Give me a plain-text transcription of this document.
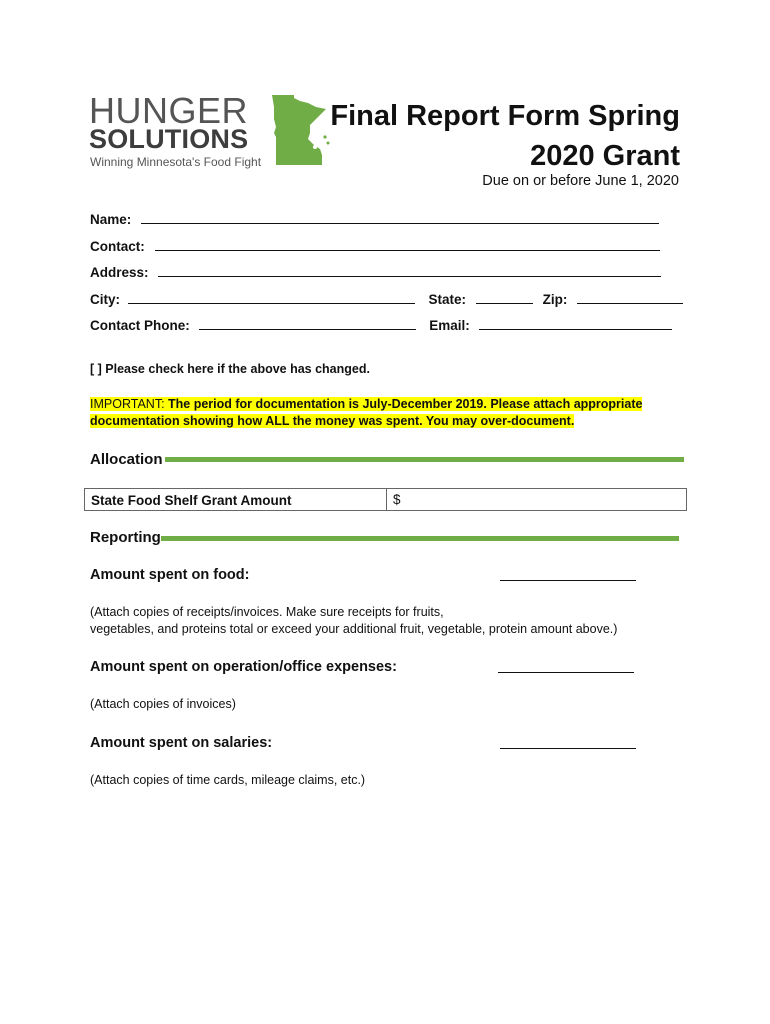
HUNGER
SOLUTIONS
Winning Minnesota's Food Fight
Final Report Form Spring
2020 Grant
Due on or before June 1, 2020
Name:
Contact:
Address:
City:	State:	Zip:
Contact Phone:	Email:
[ ] Please check here if the above has changed.
IMPORTANT: The period for documentation is July-December 2019. Please attach appropriate documentation showing how ALL the money was spent. You may over-document.
Allocation
State Food Shelf Grant Amount	$
Reporting
Amount spent on food:
(Attach copies of receipts/invoices. Make sure receipts for fruits,
vegetables, and proteins total or exceed your additional fruit, vegetable, protein amount above.)
Amount spent on operation/office expenses:
(Attach copies of invoices)
Amount spent on salaries:
(Attach copies of time cards, mileage claims, etc.)
